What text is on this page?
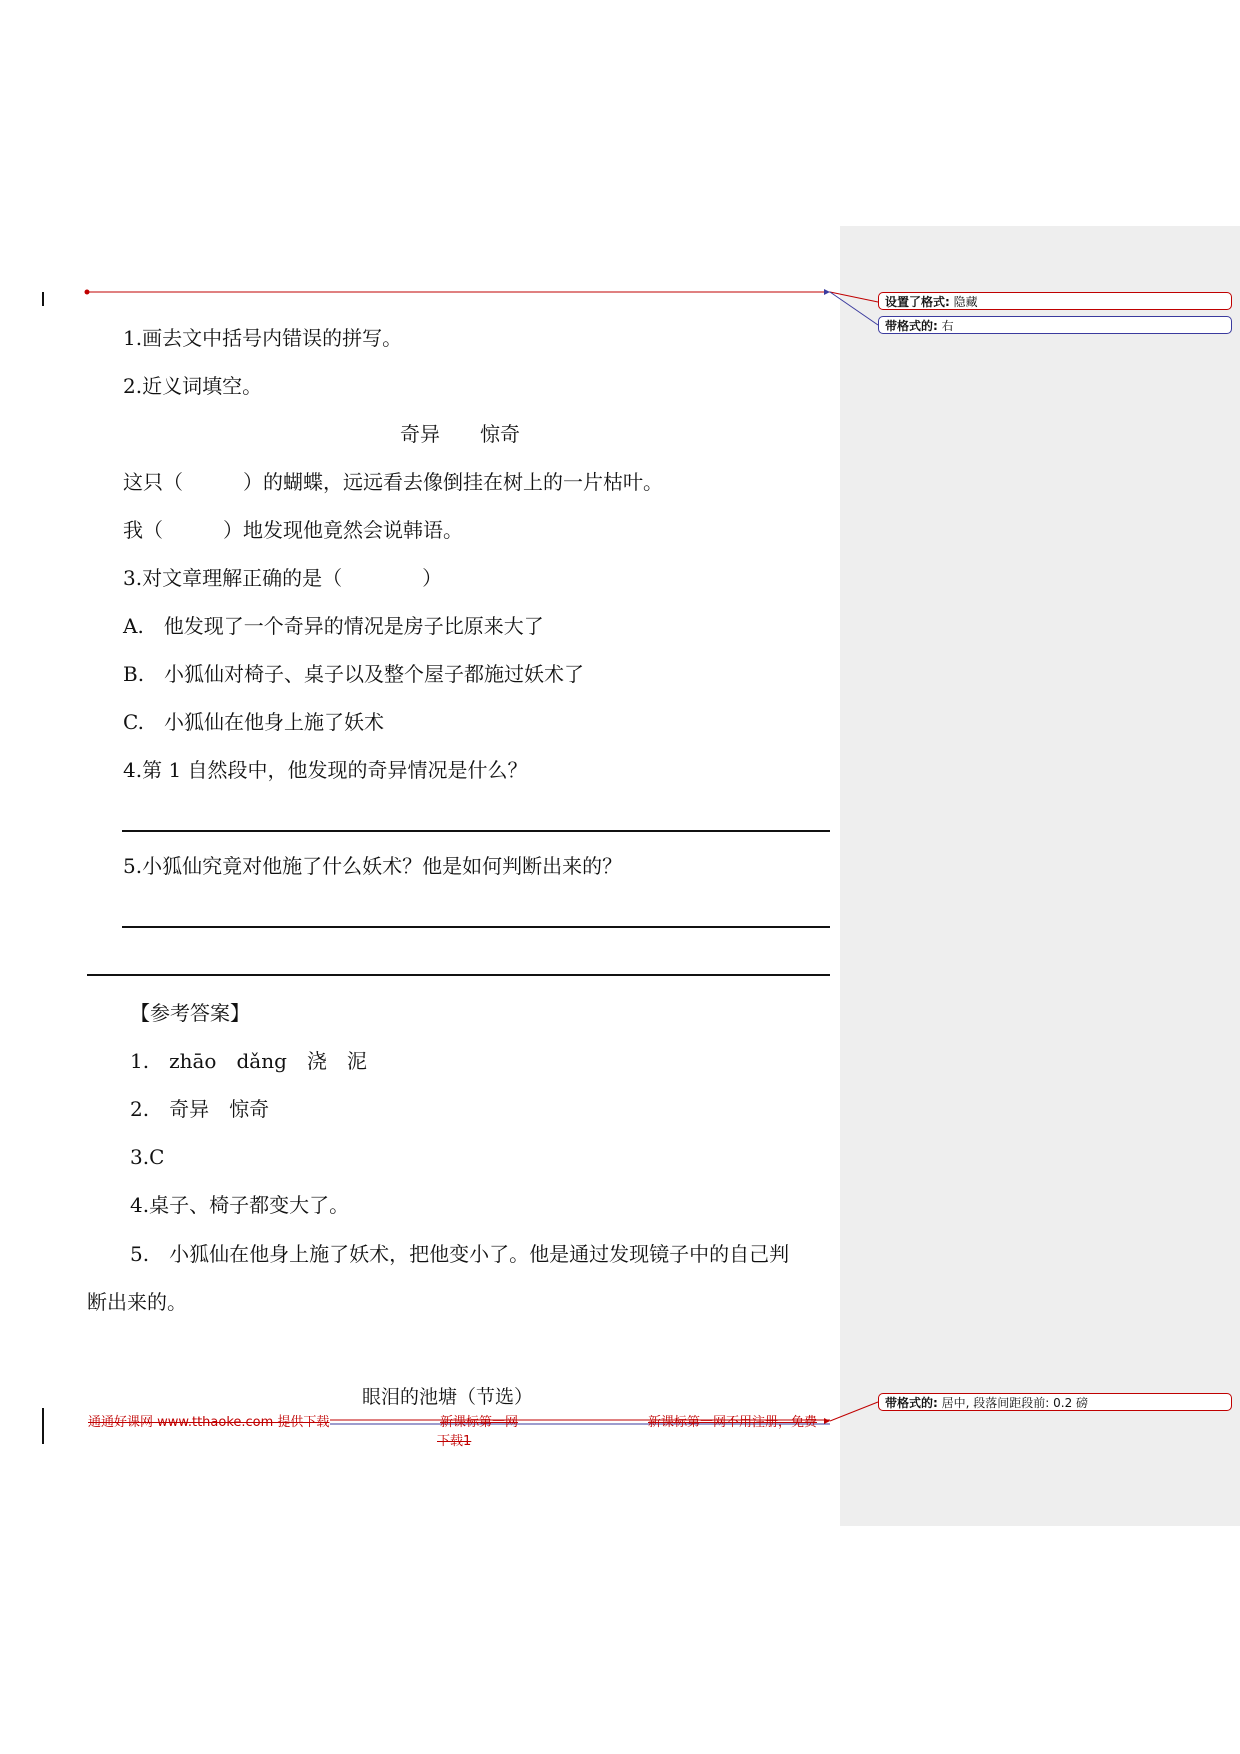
设置了格式: 隐藏
带格式的: 右
带格式的: 居中, 段落间距段前: 0.2 磅
1.画去文中括号内错误的拼写。
2.近义词填空。
奇异　　惊奇
这只（　　　）的蝴蝶，远远看去像倒挂在树上的一片枯叶。
我（　　　）地发现他竟然会说韩语。
3.对文章理解正确的是（　　　　）
A.　他发现了一个奇异的情况是房子比原来大了
B.　小狐仙对椅子、桌子以及整个屋子都施过妖术了
C.　小狐仙在他身上施了妖术
4.第 1 自然段中，他发现的奇异情况是什么？
5.小狐仙究竟对他施了什么妖术？他是如何判断出来的？
【参考答案】
1.　zhāo　dǎng　浇　泥
2.　奇异　惊奇
3.C
4.桌子、椅子都变大了。
5.　小狐仙在他身上施了妖术，把他变小了。他是通过发现镜子中的自己判
断出来的。
眼泪的池塘（节选）
通通好课网 www.tthaoke.com 提供下载	新课标第一网
下载1
新课标第一网不用注册，免费
